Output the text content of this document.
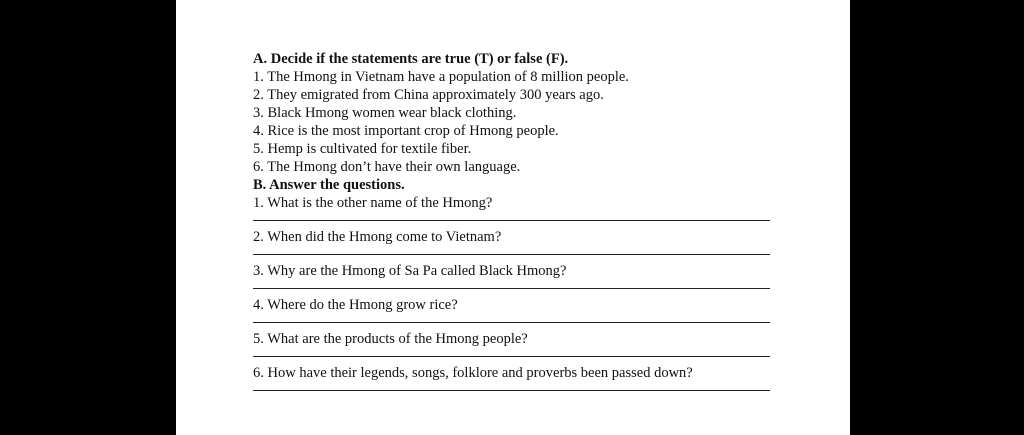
A. Decide if the statements are true (T) or false (F).
1. The Hmong in Vietnam have a population of 8 million people.
2. They emigrated from China approximately 300 years ago.
3. Black Hmong women wear black clothing.
4. Rice is the most important crop of Hmong people.
5. Hemp is cultivated for textile fiber.
6. The Hmong don’t have their own language.
B. Answer the questions.
1. What is the other name of the Hmong?
2. When did the Hmong come to Vietnam?
3. Why are the Hmong of Sa Pa called Black Hmong?
4. Where do the Hmong grow rice?
5. What are the products of the Hmong people?
6. How have their legends, songs, folklore and proverbs been passed down?
